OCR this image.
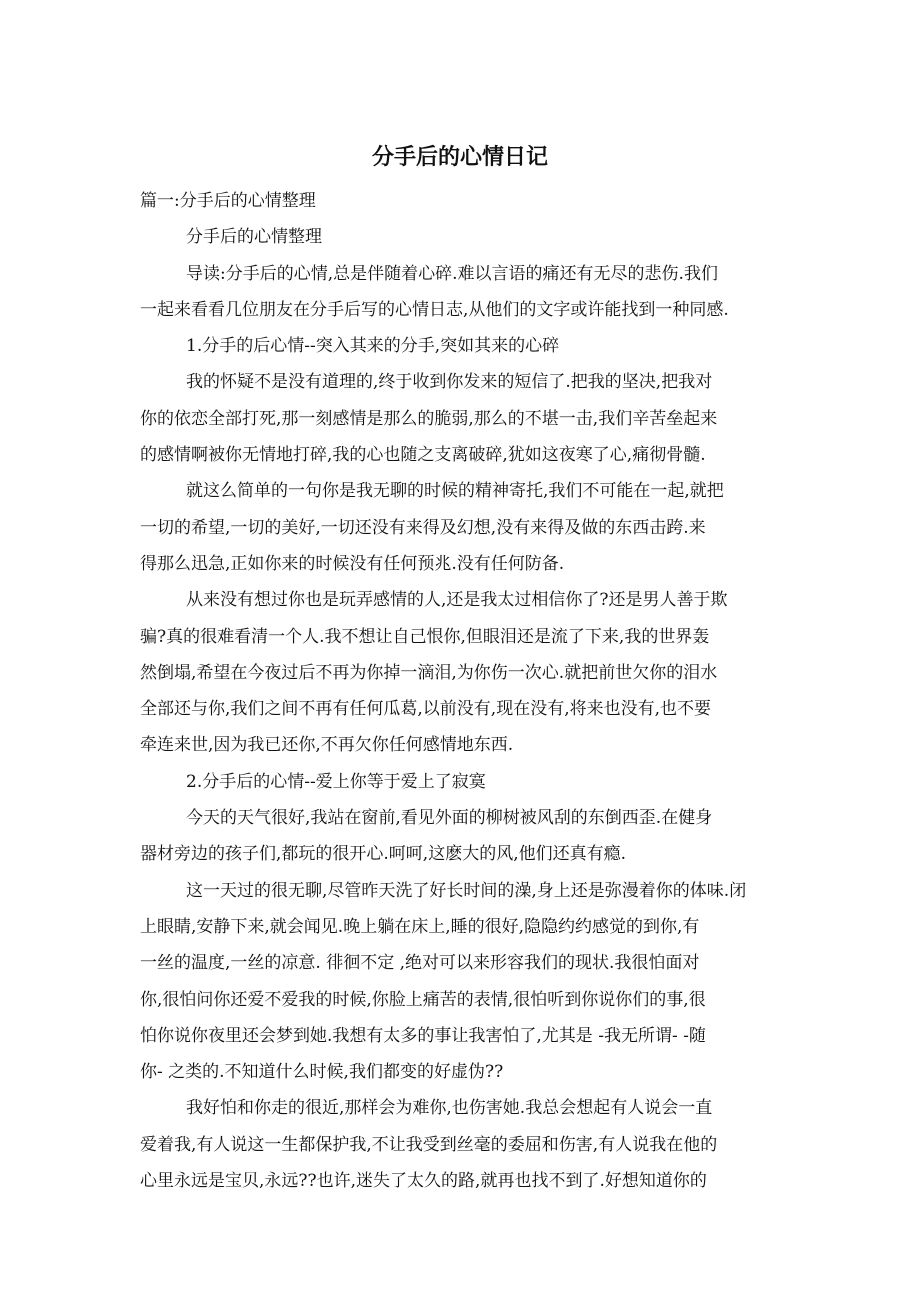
分手后的心情日记
篇一:分手后的心情整理
分手后的心情整理
导读:分手后的心情,总是伴随着心碎.难以言语的痛还有无尽的悲伤.我们
一起来看看几位朋友在分手后写的心情日志,从他们的文字或许能找到一种同感.
1.分手的后心情--突入其来的分手,突如其来的心碎
我的怀疑不是没有道理的,终于收到你发来的短信了.把我的坚决,把我对
你的依恋全部打死,那一刻感情是那么的脆弱,那么的不堪一击,我们辛苦垒起来
的感情啊被你无情地打碎,我的心也随之支离破碎,犹如这夜寒了心,痛彻骨髓.
就这么简单的一句你是我无聊的时候的精神寄托,我们不可能在一起,就把
一切的希望,一切的美好,一切还没有来得及幻想,没有来得及做的东西击跨.来
得那么迅急,正如你来的时候没有任何预兆.没有任何防备.
从来没有想过你也是玩弄感情的人,还是我太过相信你了?还是男人善于欺
骗?真的很难看清一个人.我不想让自己恨你,但眼泪还是流了下来,我的世界轰
然倒塌,希望在今夜过后不再为你掉一滴泪,为你伤一次心.就把前世欠你的泪水
全部还与你,我们之间不再有任何瓜葛,以前没有,现在没有,将来也没有,也不要
牵连来世,因为我已还你,不再欠你任何感情地东西.
2.分手后的心情--爱上你等于爱上了寂寞
今天的天气很好,我站在窗前,看见外面的柳树被风刮的东倒西歪.在健身
器材旁边的孩子们,都玩的很开心.呵呵,这麽大的风,他们还真有瘾.
这一天过的很无聊,尽管昨天洗了好长时间的澡,身上还是弥漫着你的体味.闭
上眼睛,安静下来,就会闻见.晚上躺在床上,睡的很好,隐隐约约感觉的到你,有
一丝的温度,一丝的凉意. 徘徊不定 ,绝对可以来形容我们的现状.我很怕面对
你,很怕问你还爱不爱我的时候,你脸上痛苦的表情,很怕听到你说你们的事,很
怕你说你夜里还会梦到她.我想有太多的事让我害怕了,尤其是 -我无所谓- -随
你- 之类的.不知道什么时候,我们都变的好虚伪??
我好怕和你走的很近,那样会为难你,也伤害她.我总会想起有人说会一直
爱着我,有人说这一生都保护我,不让我受到丝毫的委屈和伤害,有人说我在他的
心里永远是宝贝,永远??也许,迷失了太久的路,就再也找不到了.好想知道你的
